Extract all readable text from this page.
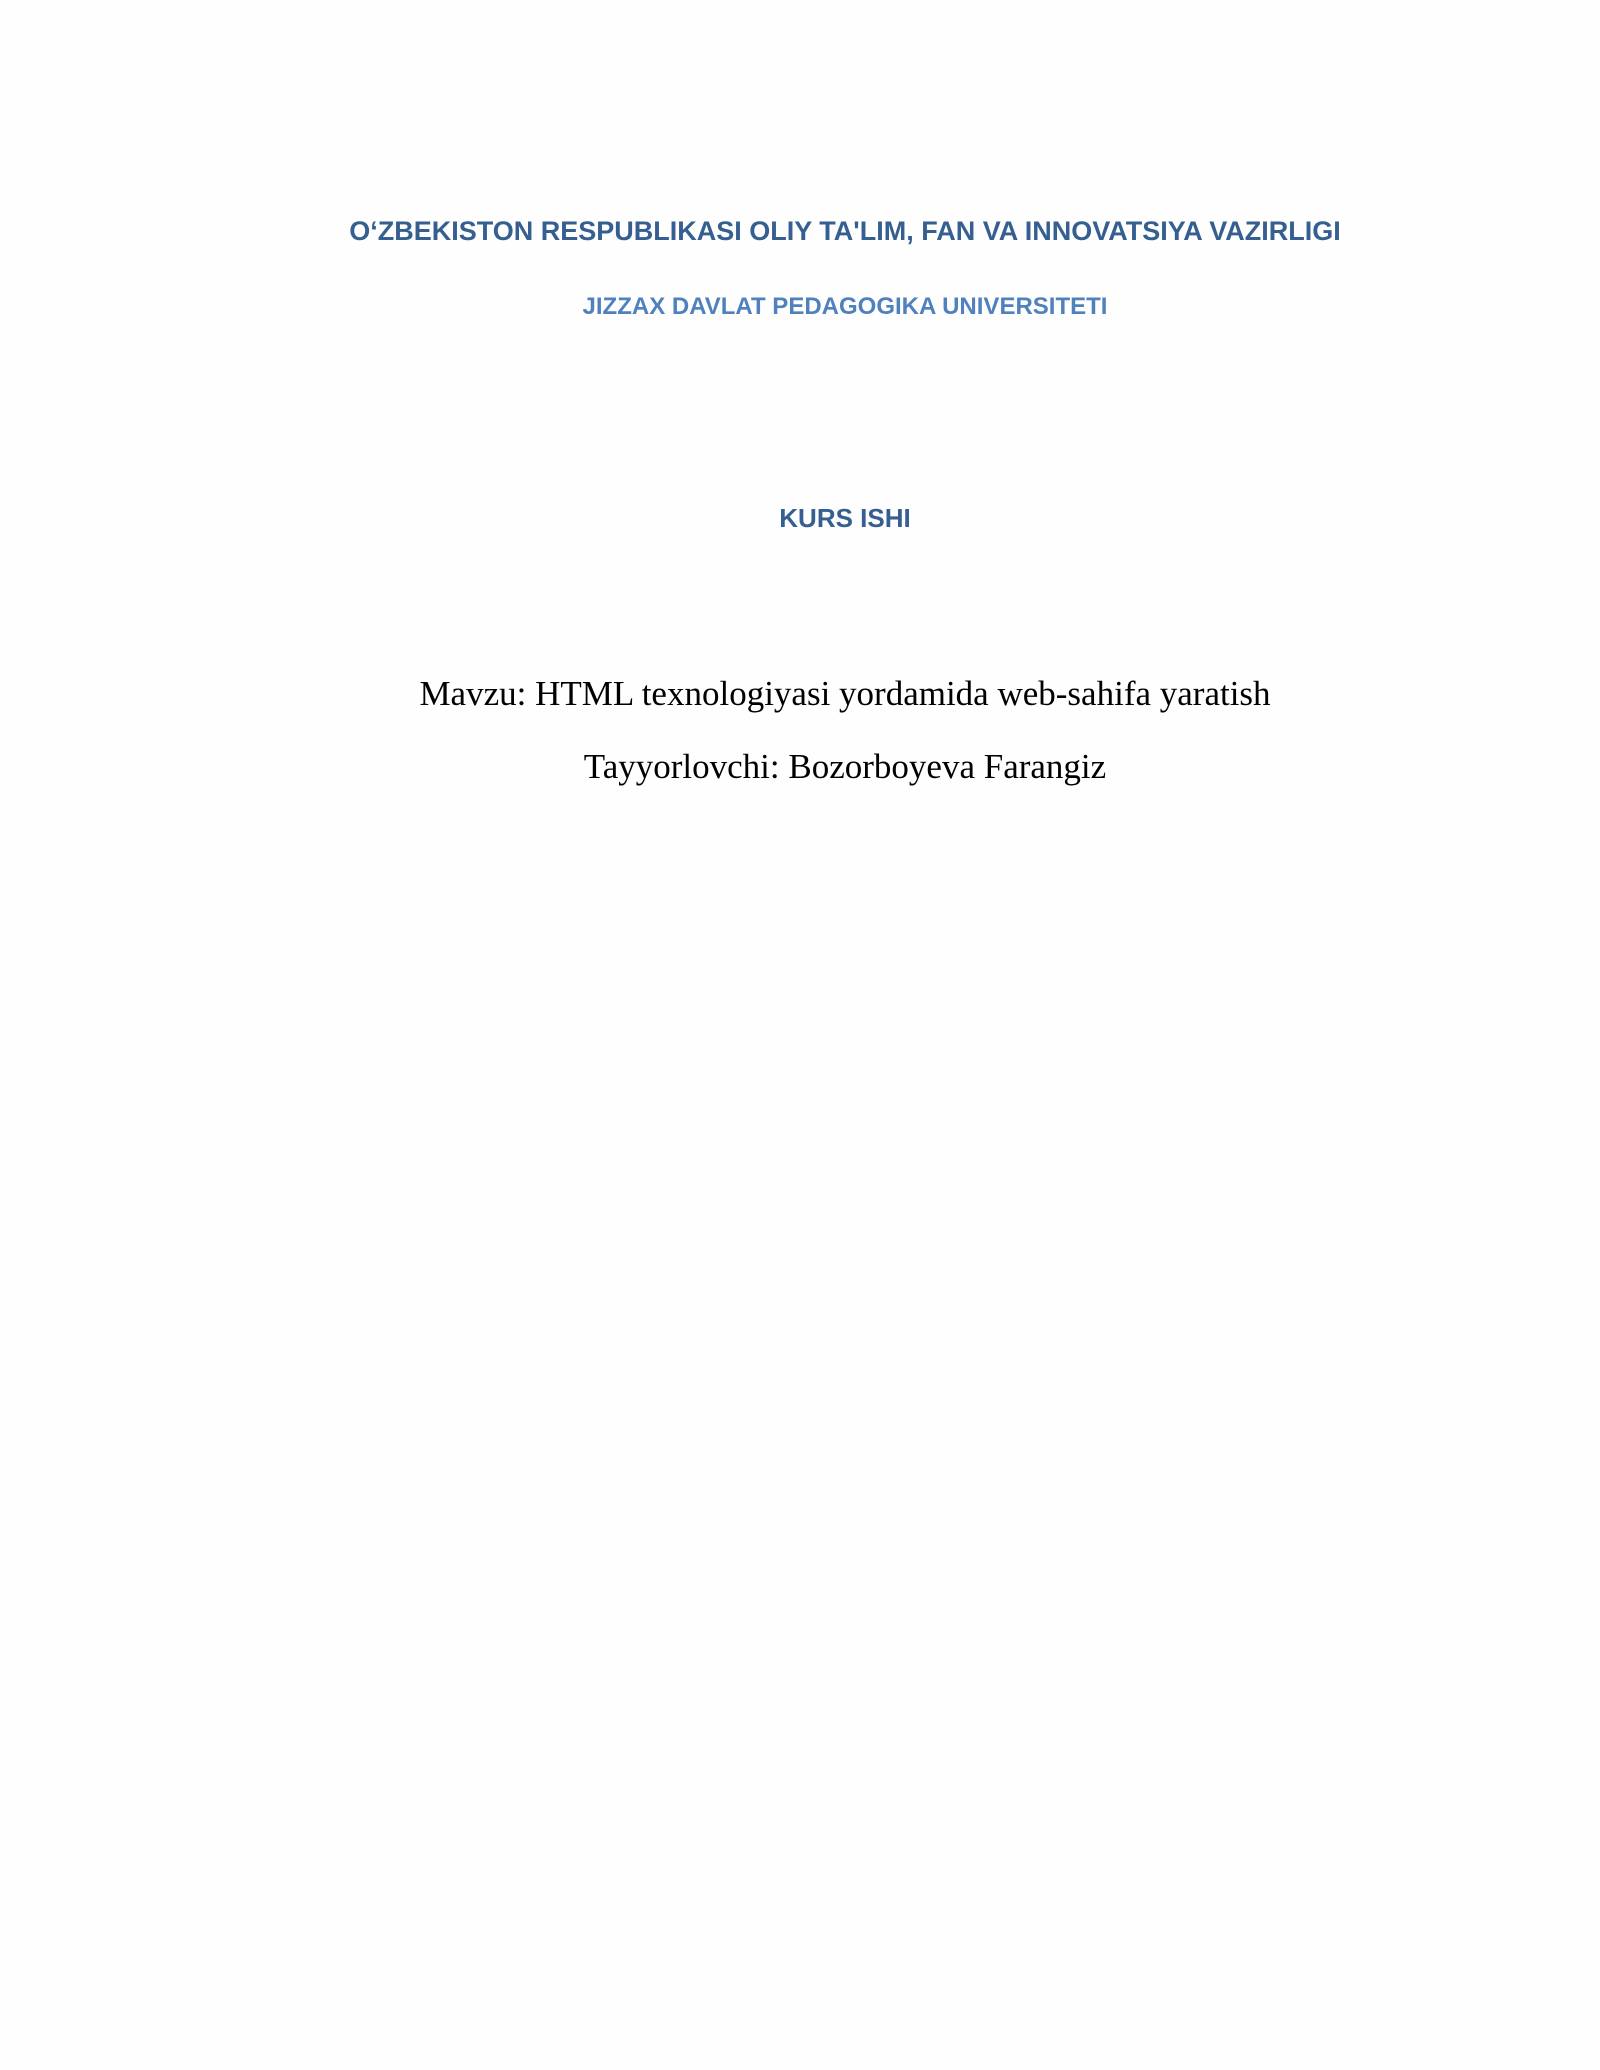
O‘ZBEKISTON RESPUBLIKASI OLIY TA'LIM, FAN VA INNOVATSIYA VAZIRLIGI
JIZZAX DAVLAT PEDAGOGIKA UNIVERSITETI
KURS ISHI
Mavzu: HTML texnologiyasi yordamida web-sahifa yaratish
Tayyorlovchi: Bozorboyeva Farangiz
